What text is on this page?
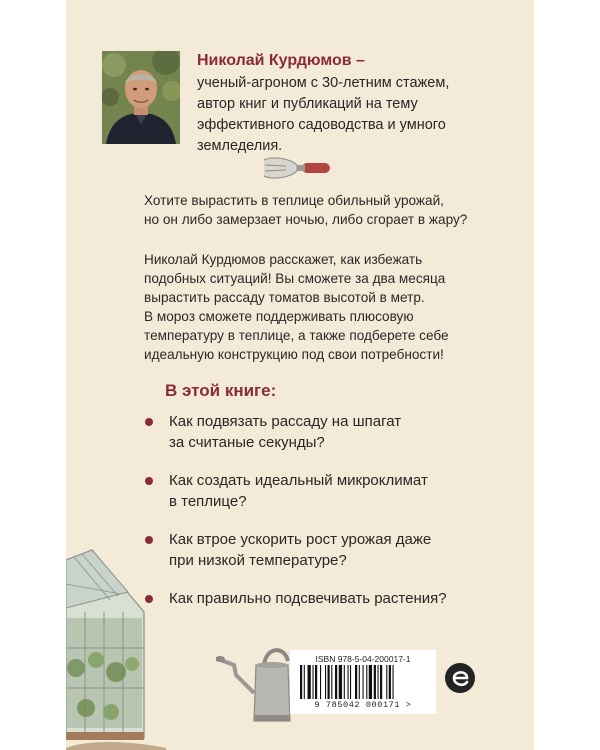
Николай Курдюмов –

ученый-агроном с 30-летним стажем,
автор книг и публикаций на тему
эффективного садоводства и умного
земледелия.

Хотите вырастить в теплице обильный урожай,
но он либо замерзает ночью, либо сгорает в жару?

Николай Курдюмов расскажет, как избежать
подобных ситуаций! Вы сможете за два месяца
вырастить рассаду томатов высотой в метр.
В мороз сможете поддерживать плюсовую
температуру в теплице, а также подберете себе
идеальную конструкцию под свои потребности!

В этой книге:
Как подвязать рассаду на шпагат
за считаные секунды?
Как создать идеальный микроклимат
в теплице?
Как втрое ускорить рост урожая даже
при низкой температуре?
Как правильно подсвечивать растения?
ISBN 978-5-04-200017-1
9 785042 000171 >
